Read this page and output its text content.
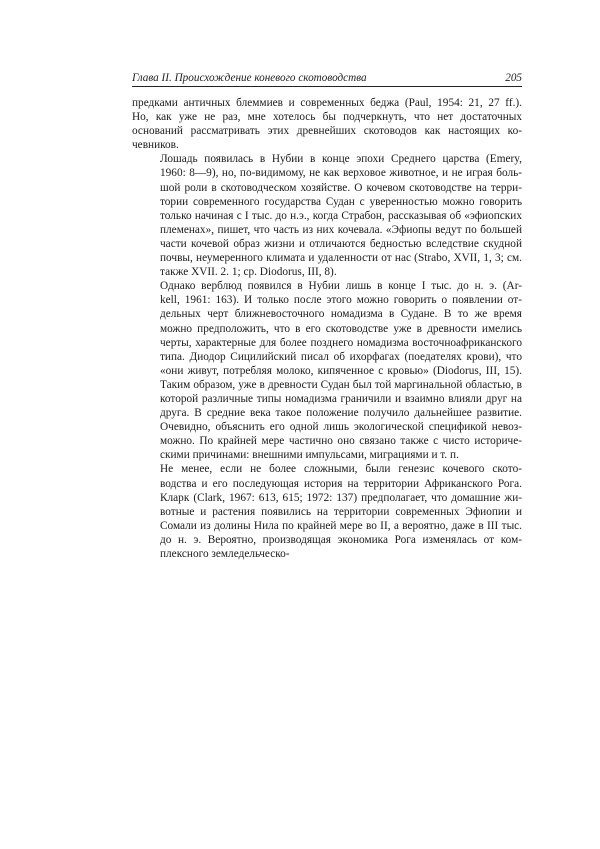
Глава II. Происхождение коневого скотоводства	205

предками античных блеммиев и современных беджа (Paul, 1954: 21, 27 ff.).
Но, как уже не раз, мне хотелось бы подчеркнуть, что нет достаточных
оснований рассматривать этих древнейших скотоводов как настоящих ко-
чевников.

Лошадь появилась в Нубии в конце эпохи Среднего царства (Emery,
1960: 8—9), но, по-видимому, не как верховое животное, и не играя боль-
шой роли в скотоводческом хозяйстве. О кочевом скотоводстве на терри-
тории современного государства Судан с уверенностью можно говорить
только начиная с I тыс. до н.э., когда Страбон, рассказывая об «эфиопских
племенах», пишет, что часть из них кочевала. «Эфиопы ведут по большей
части кочевой образ жизни и отличаются бедностью вследствие скудной
почвы, неумеренного климата и удаленности от нас (Strabo, XVII, 1, 3; см.
также XVII. 2. 1; ср. Diodorus, III, 8).

Однако верблюд появился в Нубии лишь в конце I тыс. до н. э. (Ar-
kell, 1961: 163). И только после этого можно говорить о появлении от-
дельных черт ближневосточного номадизма в Судане. В то же время
можно предположить, что в его скотоводстве уже в древности имелись
черты, характерные для более позднего номадизма восточноафриканского
типа. Диодор Сицилийский писал об ихорфагах (поедателях крови), что
«они живут, потребляя молоко, кипяченное с кровью» (Diodorus, III, 15).
Таким образом, уже в древности Судан был той маргинальной областью, в
которой различные типы номадизма граничили и взаимно влияли друг на
друга. В средние века такое положение получило дальнейшее развитие.
Очевидно, объяснить его одной лишь экологической спецификой невоз-
можно. По крайней мере частично оно связано также с чисто историче-
скими причинами: внешними импульсами, миграциями и т. п.

Не менее, если не более сложными, были генезис кочевого ското-
водства и его последующая история на территории Африканского Рога.
Кларк (Clark, 1967: 613, 615; 1972: 137) предполагает, что домашние жи-
вотные и растения появились на территории современных Эфиопии и
Сомали из долины Нила по крайней мере во II, а вероятно, даже в III тыс.
до н. э. Вероятно, производящая экономика Рога изменялась от ком-
плексного земледельческо-
